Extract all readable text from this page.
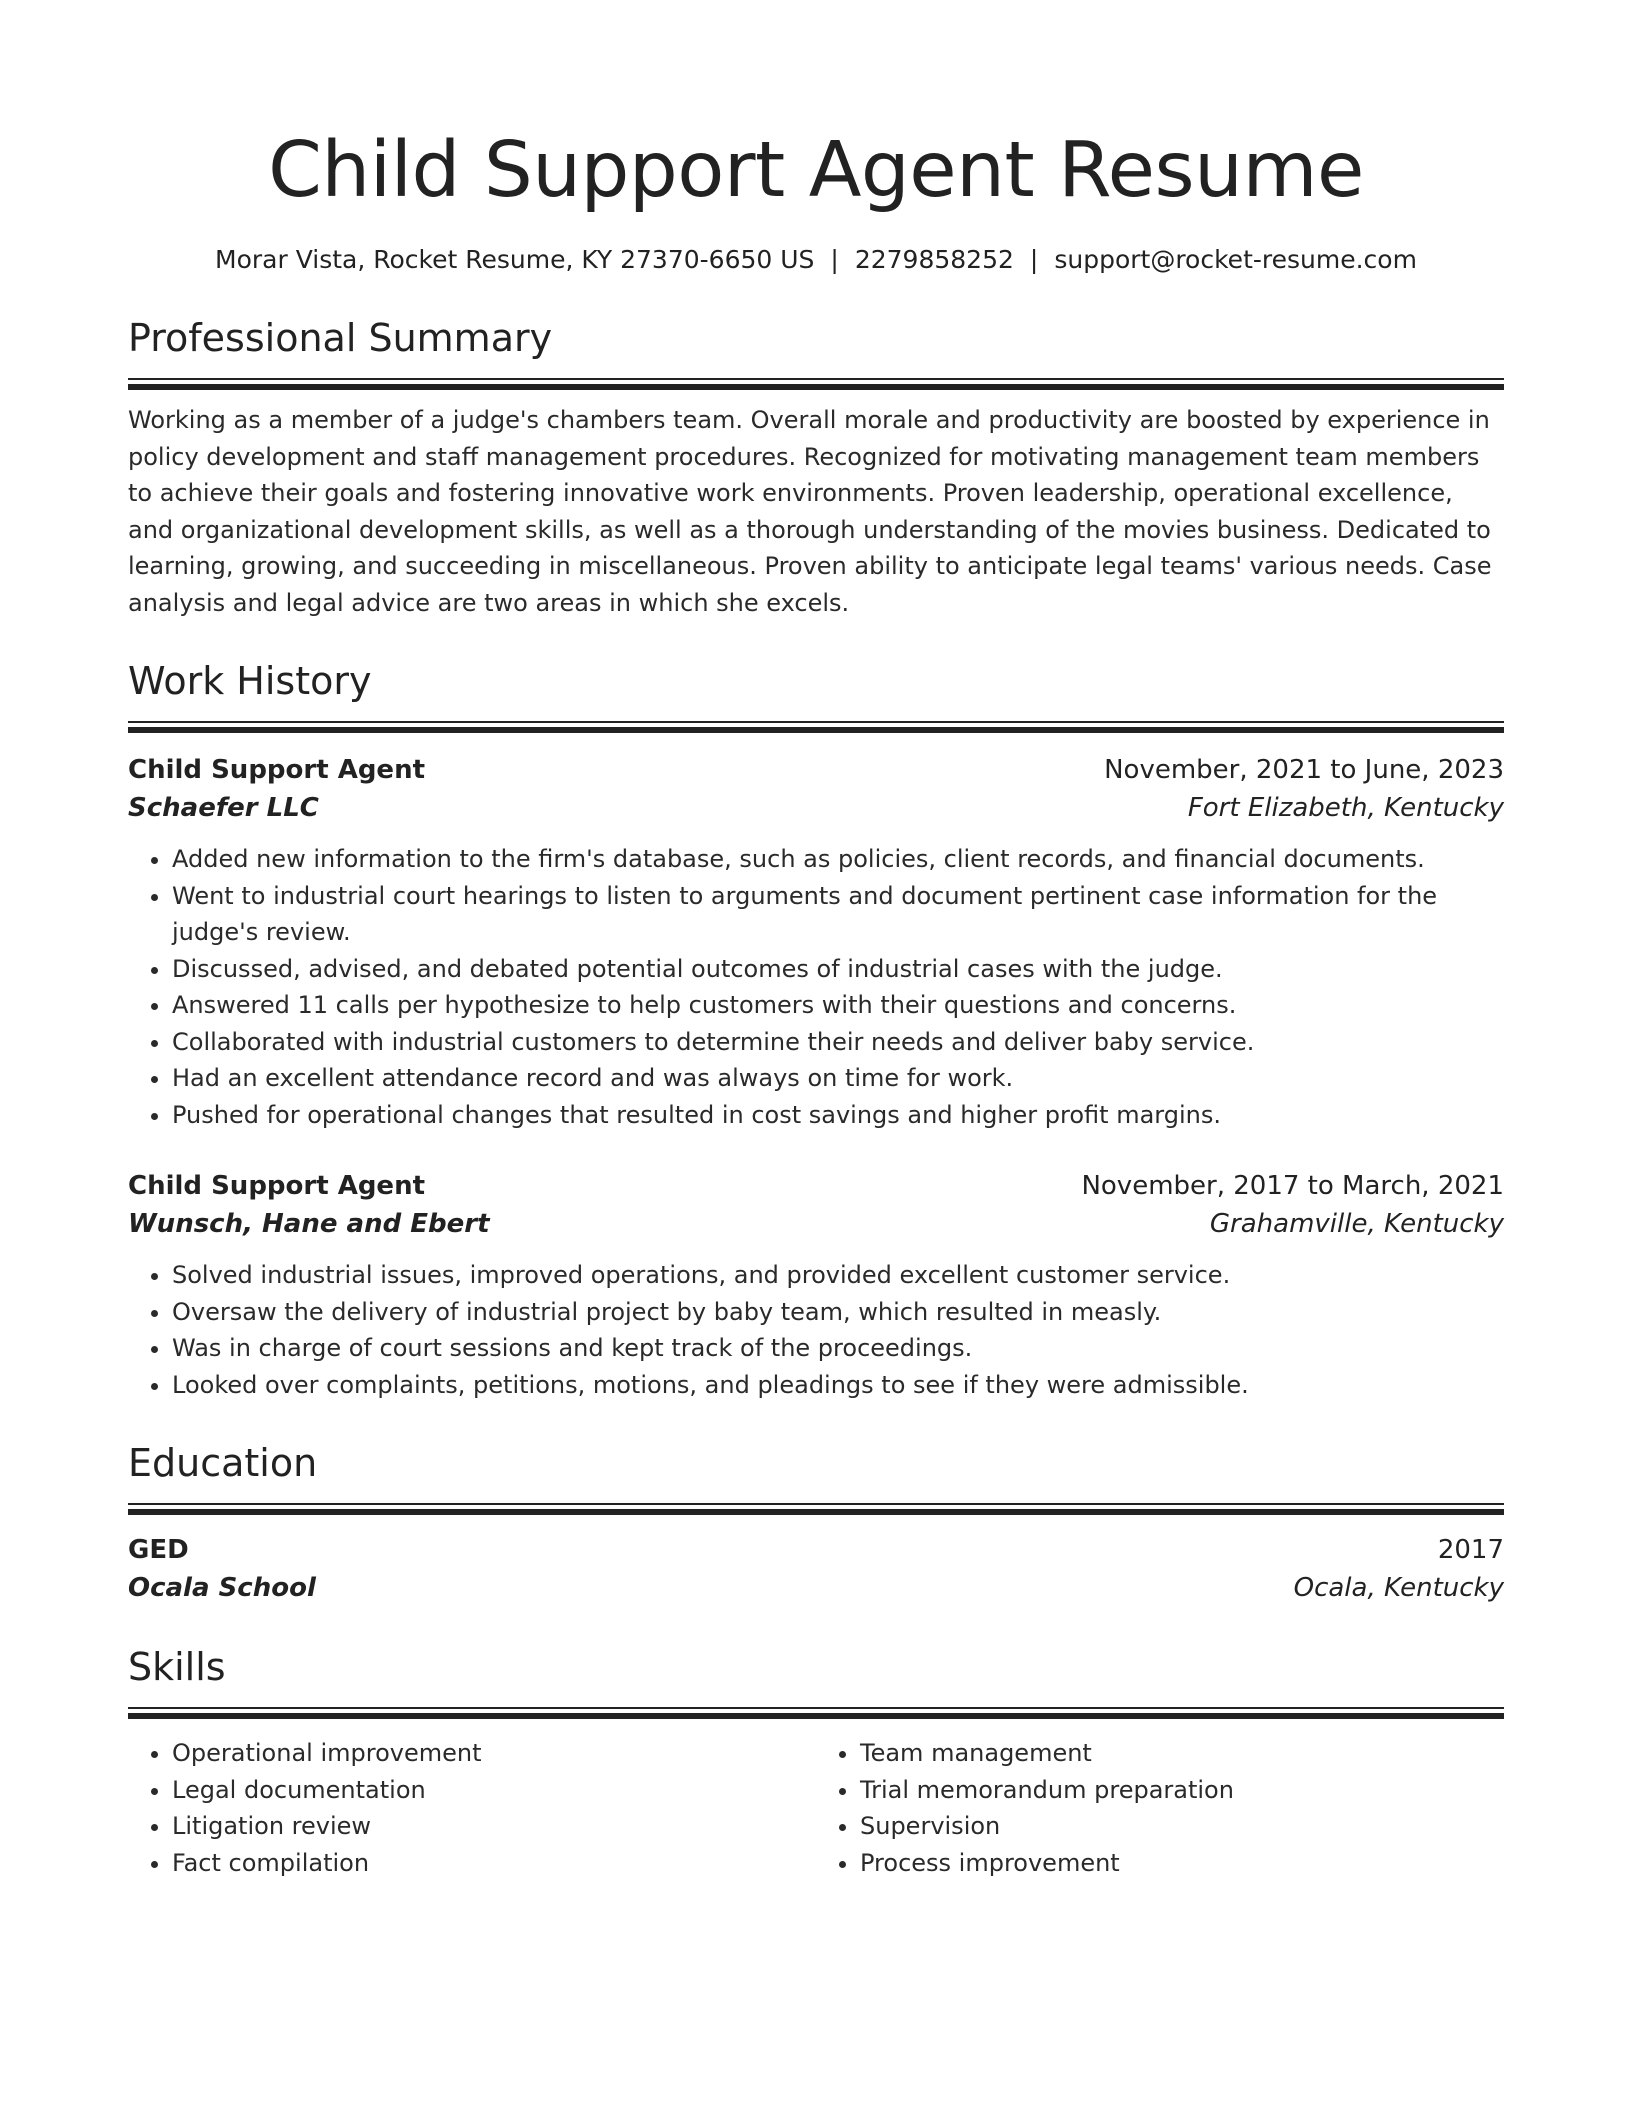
Child Support Agent Resume
Morar Vista, Rocket Resume, KY 27370-6650 US | 2279858252 | support@rocket-resume.com
Professional Summary
Working as a member of a judge's chambers team. Overall morale and productivity are boosted by experience in policy development and staff management procedures. Recognized for motivating management team members to achieve their goals and fostering innovative work environments. Proven leadership, operational excellence, and organizational development skills, as well as a thorough understanding of the movies business. Dedicated to learning, growing, and succeeding in miscellaneous. Proven ability to anticipate legal teams' various needs. Case analysis and legal advice are two areas in which she excels.
Work History
Child Support Agent	November, 2021 to June, 2023
Schaefer LLC	Fort Elizabeth, Kentucky
• Added new information to the firm's database, such as policies, client records, and financial documents.
• Went to industrial court hearings to listen to arguments and document pertinent case information for the judge's review.
• Discussed, advised, and debated potential outcomes of industrial cases with the judge.
• Answered 11 calls per hypothesize to help customers with their questions and concerns.
• Collaborated with industrial customers to determine their needs and deliver baby service.
• Had an excellent attendance record and was always on time for work.
• Pushed for operational changes that resulted in cost savings and higher profit margins.
Child Support Agent	November, 2017 to March, 2021
Wunsch, Hane and Ebert	Grahamville, Kentucky
• Solved industrial issues, improved operations, and provided excellent customer service.
• Oversaw the delivery of industrial project by baby team, which resulted in measly.
• Was in charge of court sessions and kept track of the proceedings.
• Looked over complaints, petitions, motions, and pleadings to see if they were admissible.
Education
GED	2017
Ocala School	Ocala, Kentucky
Skills
• Operational improvement
• Legal documentation
• Litigation review
• Fact compilation
• Team management
• Trial memorandum preparation
• Supervision
• Process improvement
